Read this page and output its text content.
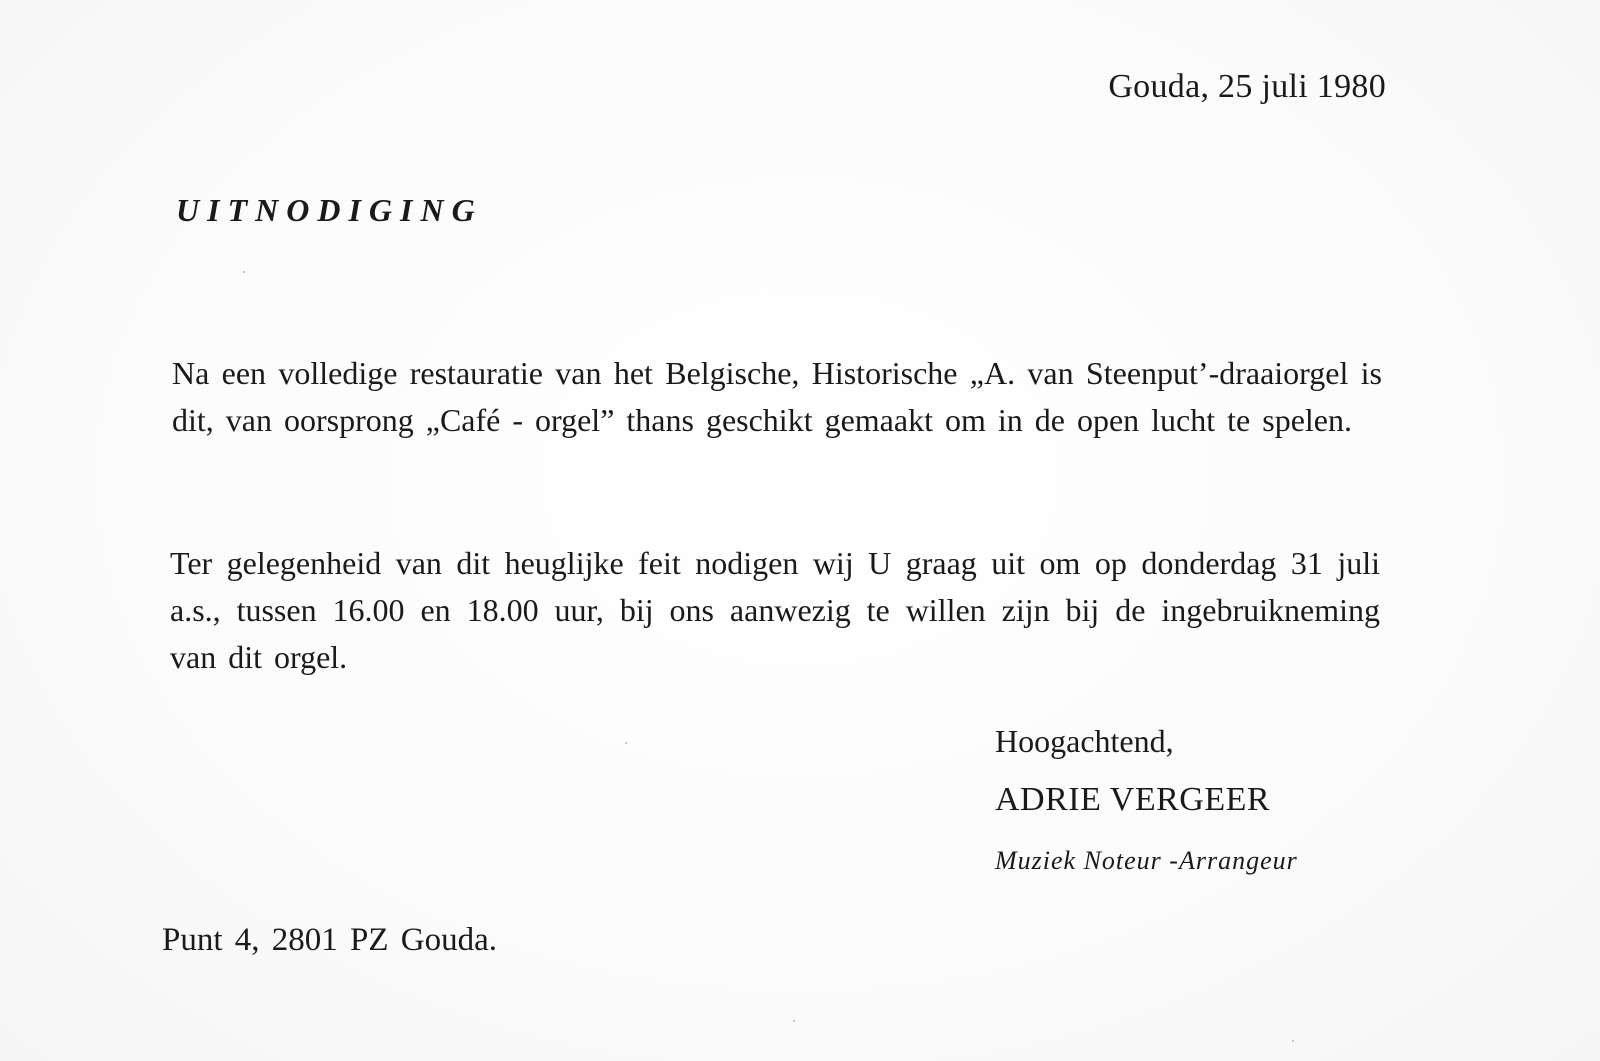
Gouda, 25 juli 1980
UITNODIGING
Na een volledige restauratie van het Belgische, Historische „A. van Steenput’-draaiorgel is dit, van oorsprong „Café - orgel” thans geschikt gemaakt om in de open lucht te spelen.
Ter gelegenheid van dit heuglijke feit nodigen wij U graag uit om op donderdag 31 juli a.s., tussen 16.00 en 18.00 uur, bij ons aanwezig te willen zijn bij de ingebruikneming van dit orgel.
Hoogachtend,
ADRIE VERGEER
Muziek Noteur -Arrangeur
Punt 4, 2801 PZ Gouda.
